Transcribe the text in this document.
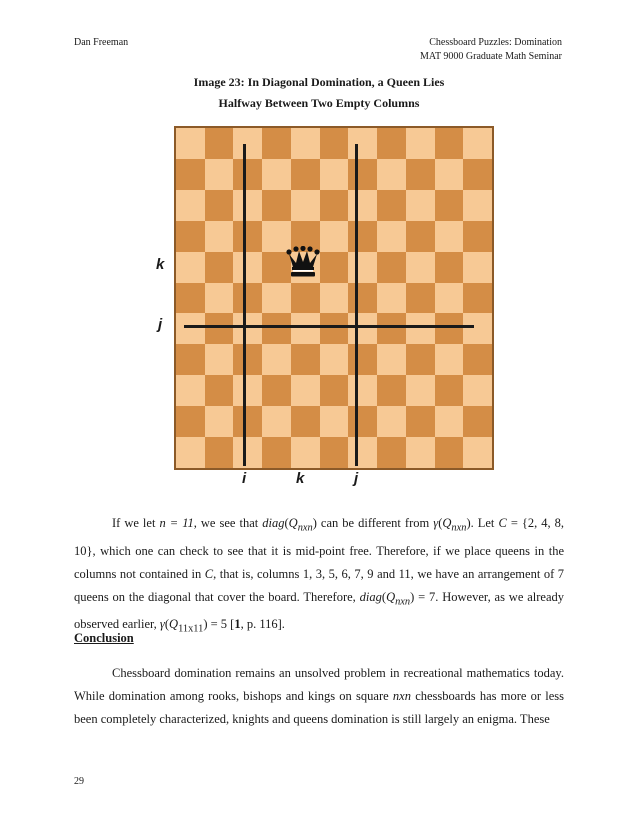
Dan Freeman	Chessboard Puzzles: Domination
MAT 9000 Graduate Math Seminar
Image 23: In Diagonal Domination, a Queen Lies
Halfway Between Two Empty Columns
k
j
i	k	j
If we let n = 11, we see that $diag(Q_{nxn})$ can be different from $\gamma(Q_{nxn})$. Let C = {2, 4, 8, 10}, which one can check to see that it is mid-point free. Therefore, if we place queens in the columns not contained in C, that is, columns 1, 3, 5, 6, 7, 9 and 11, we have an arrangement of 7 queens on the diagonal that cover the board. Therefore, $diag(Q_{nxn}) = 7$. However, as we already observed earlier, $\gamma(Q_{11x11}) = 5$ [1, p. 116].
Conclusion
Chessboard domination remains an unsolved problem in recreational mathematics today. While domination among rooks, bishops and kings on square nxn chessboards has more or less been completely characterized, knights and queens domination is still largely an enigma. These
29
